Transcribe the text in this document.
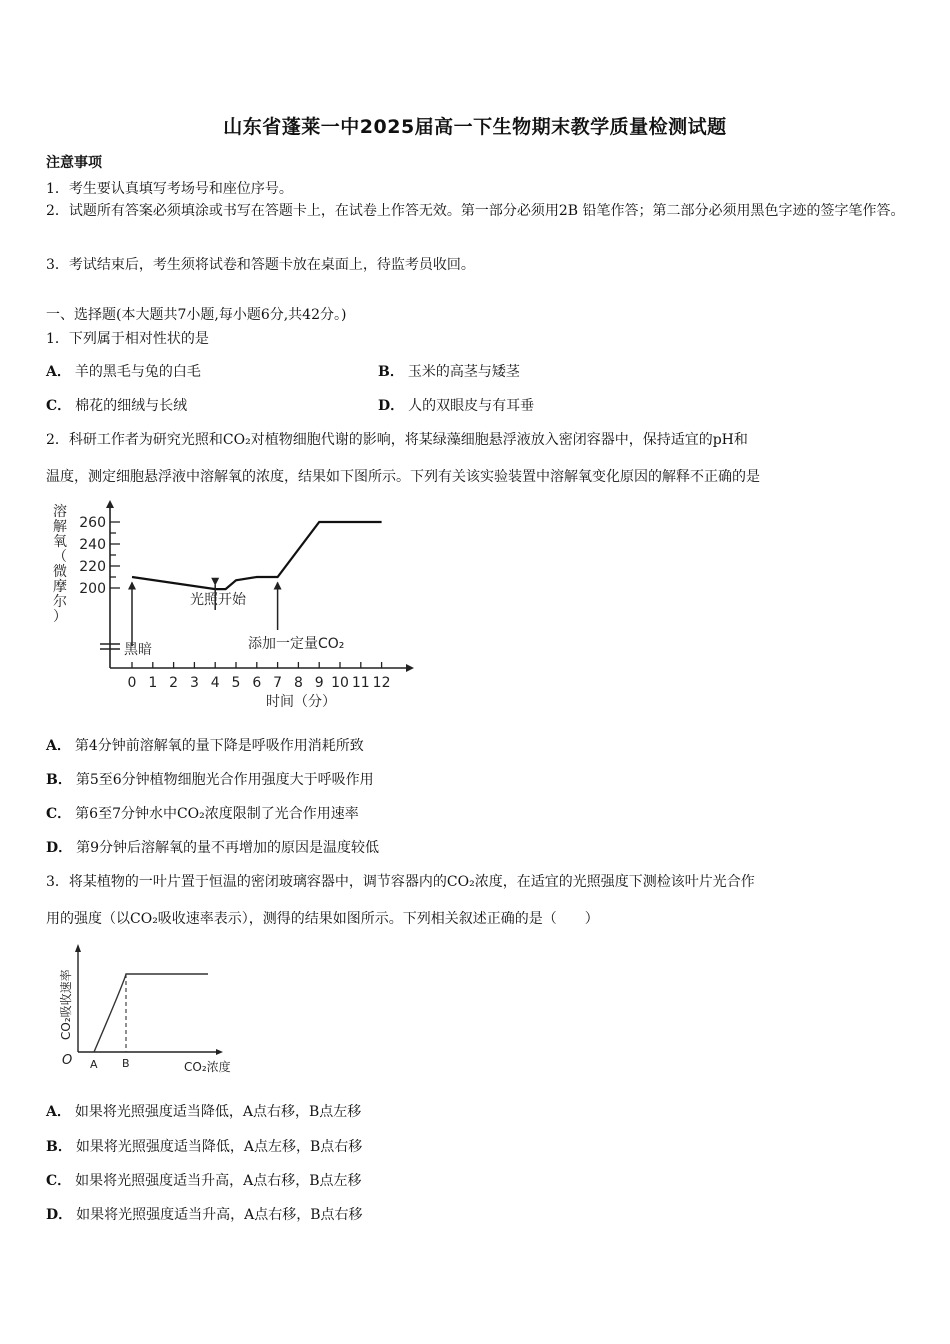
山东省蓬莱一中2025届高一下生物期末教学质量检测试题
注意事项
1．考生要认真填写考场号和座位序号。
2．试题所有答案必须填涂或书写在答题卡上，在试卷上作答无效。第一部分必须用2B 铅笔作答；第二部分必须用黑色字迹的签字笔作答。
3．考试结束后，考生须将试卷和答题卡放在桌面上，待监考员收回。
一、选择题(本大题共7小题,每小题6分,共42分。)
1．下列属于相对性状的是
A． 羊的黑毛与兔的白毛	B． 玉米的高茎与矮茎
C． 棉花的细绒与长绒	D． 人的双眼皮与有耳垂
2．科研工作者为研究光照和CO₂对植物细胞代谢的影响，将某绿藻细胞悬浮液放入密闭容器中，保持适宜的pH和
温度，测定细胞悬浮液中溶解氧的浓度，结果如下图所示。下列有关该实验装置中溶解氧变化原因的解释不正确的是
200
220
240
260
0 1 2 3 4 5 6 7 8 9 10 11 12
时间（分）
溶解氧（微摩尔）
黑暗
光照开始
添加一定量CO₂
A． 第4分钟前溶解氧的量下降是呼吸作用消耗所致
B． 第5至6分钟植物细胞光合作用强度大于呼吸作用
C． 第6至7分钟水中CO₂浓度限制了光合作用速率
D． 第9分钟后溶解氧的量不再增加的原因是温度较低
3．将某植物的一叶片置于恒温的密闭玻璃容器中，调节容器内的CO₂浓度，在适宜的光照强度下测检该叶片光合作
用的强度（以CO₂吸收速率表示），测得的结果如图所示。下列相关叙述正确的是（　　）
O A B	CO₂浓度
CO₂吸收速率
A． 如果将光照强度适当降低，A点右移，B点左移
B． 如果将光照强度适当降低，A点左移，B点右移
C． 如果将光照强度适当升高，A点右移，B点左移
D． 如果将光照强度适当升高，A点右移，B点右移
